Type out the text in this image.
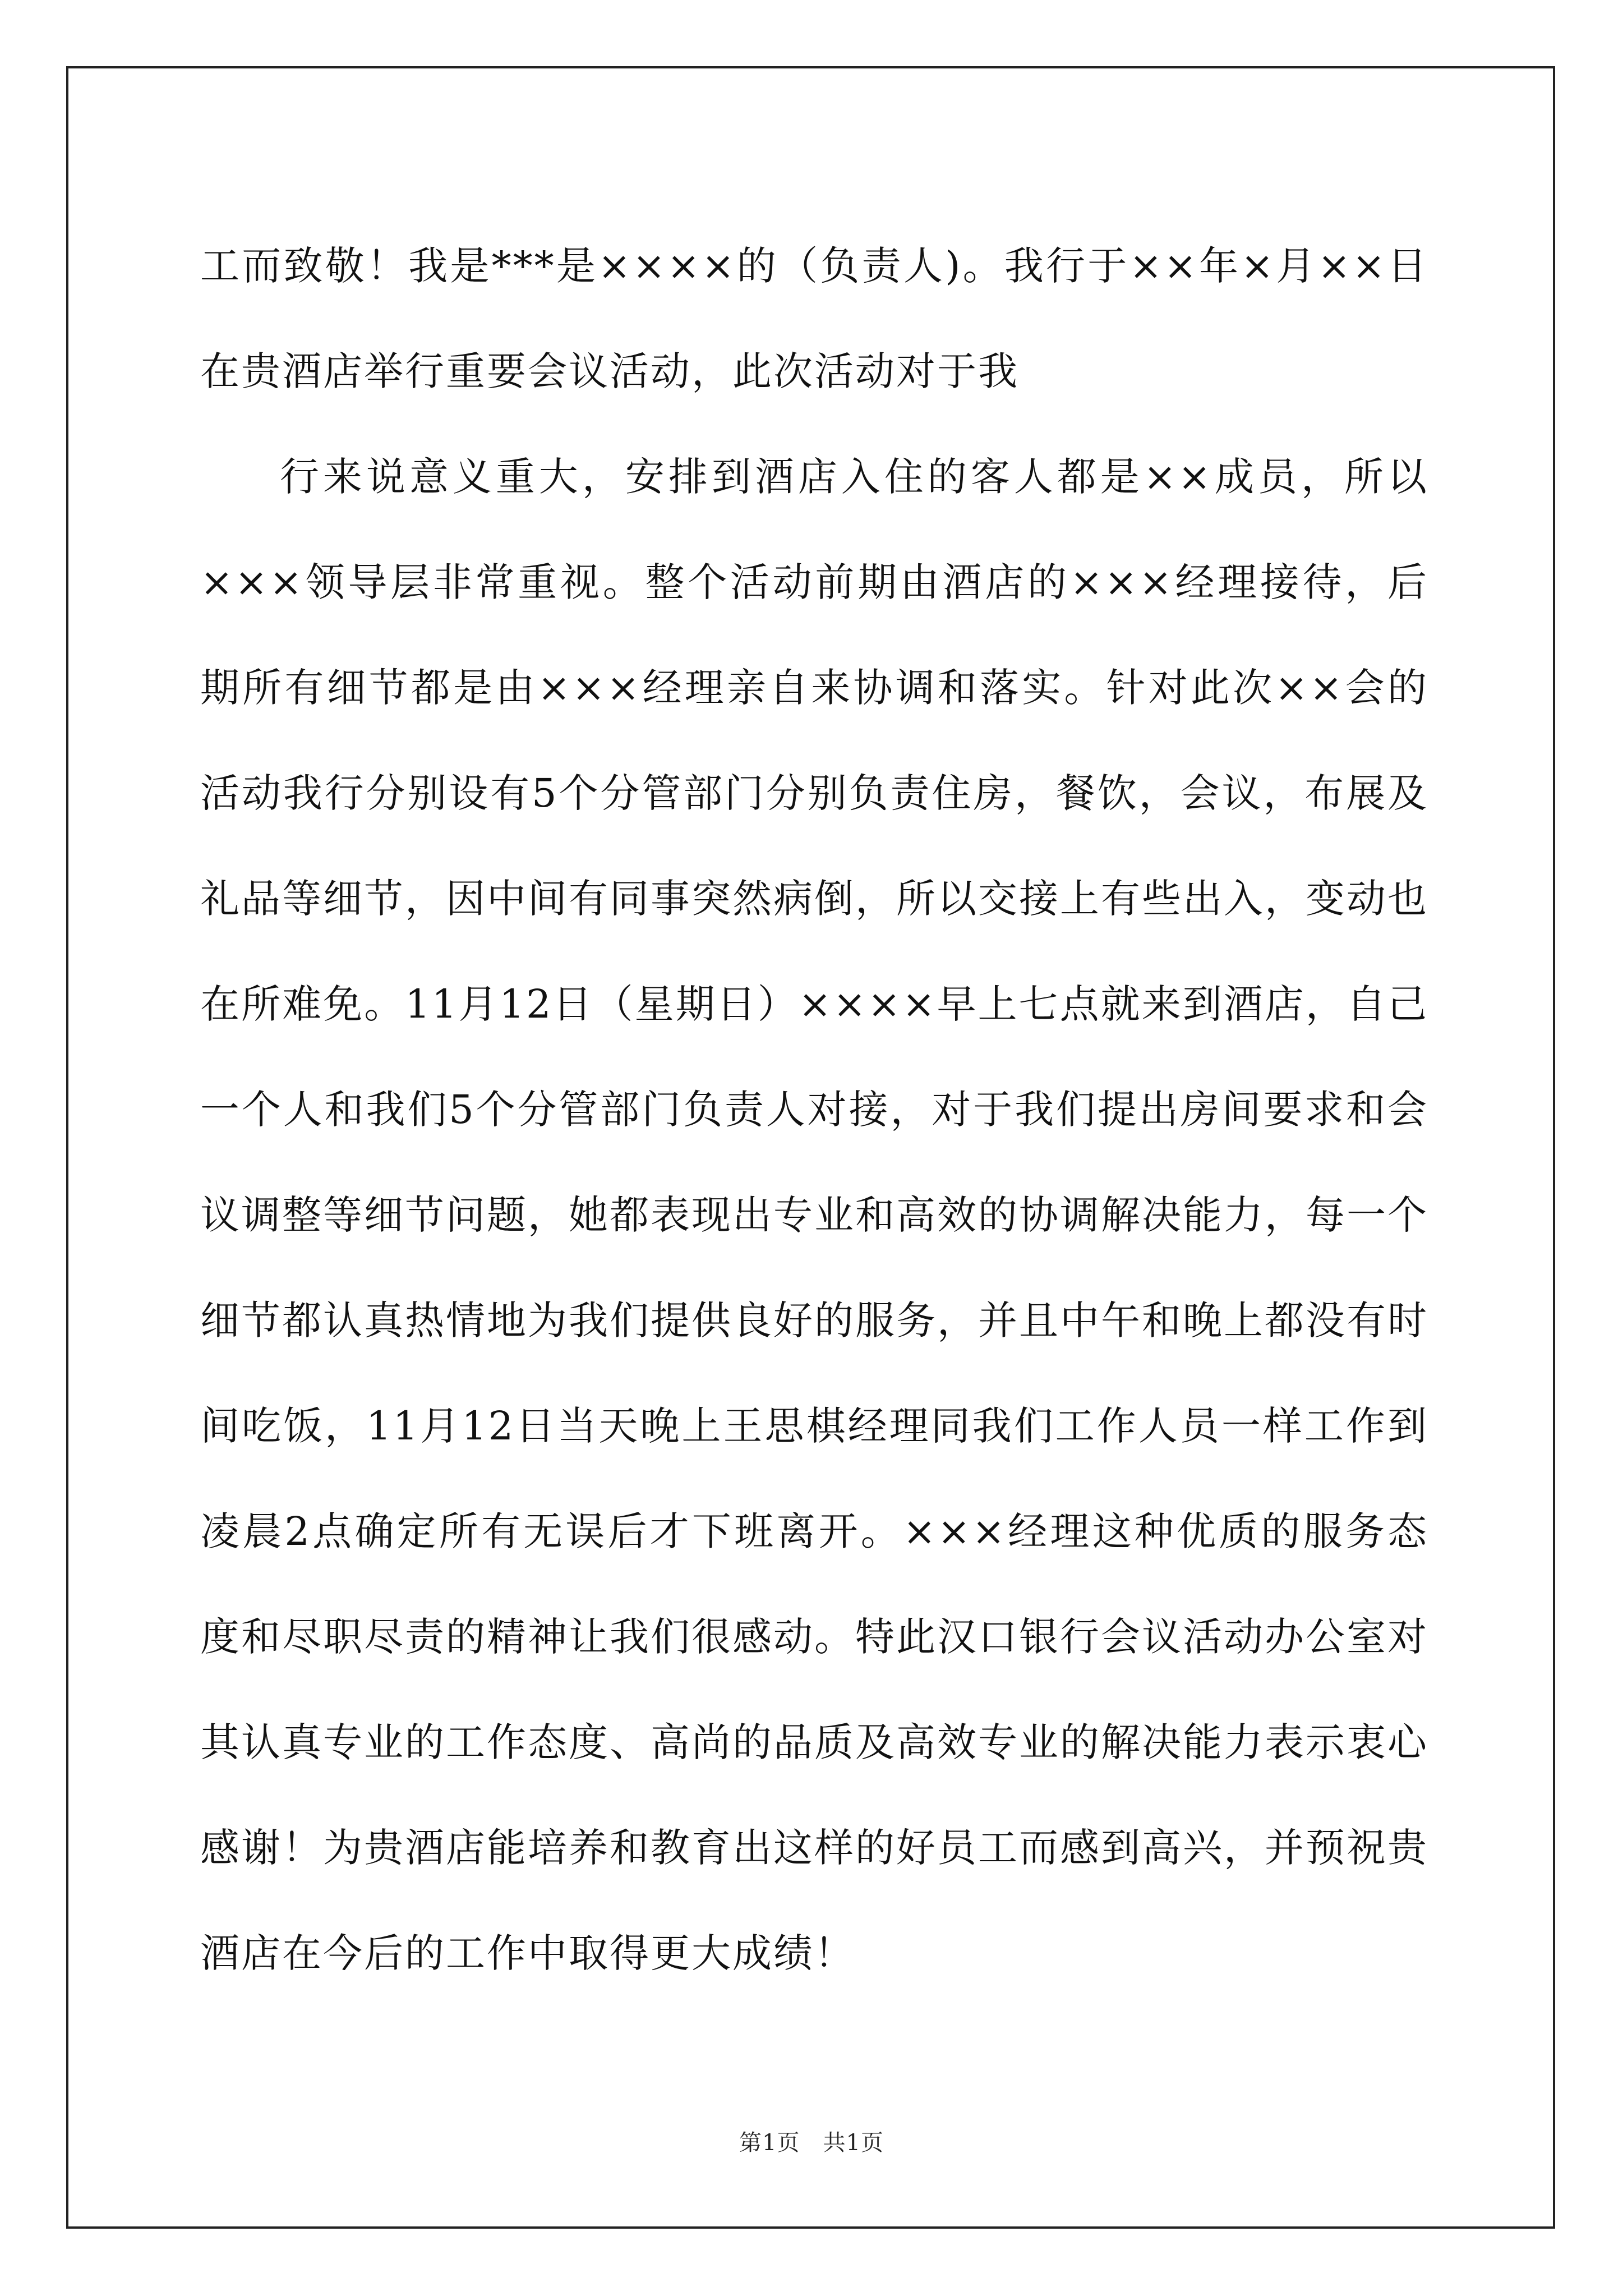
工而致敬！我是***是××××的（负责人)。我行于××年×月××日在贵酒店举行重要会议活动，此次活动对于我

行来说意义重大，安排到酒店入住的客人都是××成员，所以×××领导层非常重视。整个活动前期由酒店的×××经理接待，后期所有细节都是由×××经理亲自来协调和落实。针对此次××会的活动我行分别设有5个分管部门分别负责住房，餐饮，会议，布展及礼品等细节，因中间有同事突然病倒，所以交接上有些出入，变动也在所难免。11月12日（星期日）××××早上七点就来到酒店，自己一个人和我们5个分管部门负责人对接，对于我们提出房间要求和会议调整等细节问题，她都表现出专业和高效的协调解决能力，每一个细节都认真热情地为我们提供良好的服务，并且中午和晚上都没有时间吃饭，11月12日当天晚上王思棋经理同我们工作人员一样工作到凌晨2点确定所有无误后才下班离开。×××经理这种优质的服务态度和尽职尽责的精神让我们很感动。特此汉口银行会议活动办公室对其认真专业的工作态度、高尚的品质及高效专业的解决能力表示衷心感谢！为贵酒店能培养和教育出这样的好员工而感到高兴，并预祝贵酒店在今后的工作中取得更大成绩！

第1页　共1页
